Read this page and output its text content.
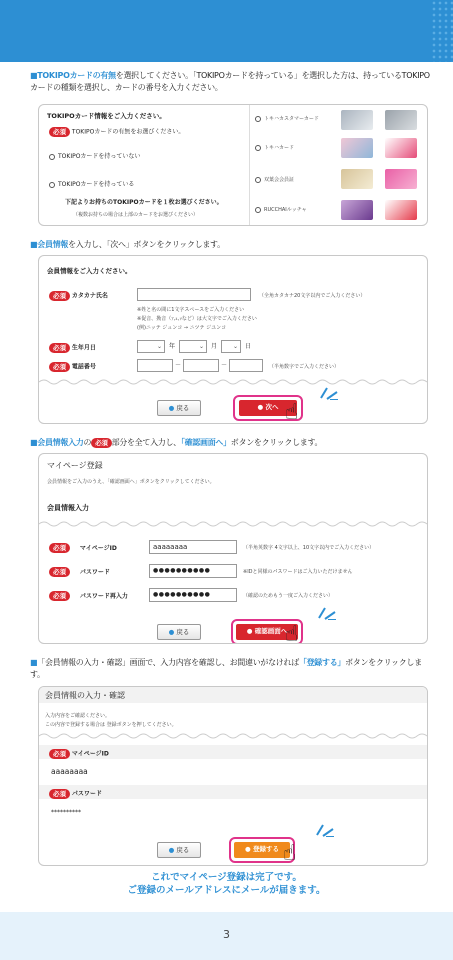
■TOKIPOカードの有無を選択してください。「TOKIPOカードを持っている」を選択した方は、持っているTOKIPOカードの種類を選択し、カードの番号を入力ください。
TOKIPOカード情報をご入力ください。
必須 TOKIPOカードの有無をお選びください。
TOKIPOカードを持っていない
TOKIPOカードを持っている
下記よりお持ちのTOKIPOカードを１枚お選びください。
（複数お持ちの場合は上部のカードをお選びください）
トキハカスタマーカード
トキハカード
双葉会会員証
RUCCHAIルッチャ
■会員情報を入力し、「次へ」ボタンをクリックします。
会員情報をご入力ください。
必須 カタカナ氏名	（全角カタカナ20文字以内でご入力ください）
※姓と名の間に1文字スペースをご入力ください
※促音、拗音（ｧ,ｭ,ｯなど）は大文字でご入力ください
(例)ニッテ ジュンコ → ニツテ ジユンコ
必須 生年月日	⌄	年	⌄	月	⌄	日
必須 電話番号	－	－	（半角数字でご入力ください）
● 戻る	● 次へ ☝
■会員情報入力の 必須 部分を全て入力し、「確認画面へ」ボタンをクリックします。
マイページ登録
会員情報をご入力のうえ、「確認画面へ」ボタンをクリックしてください。
会員情報入力
必須 マイページID	aaaaaaaa	（半角英数字 4文字以上、10文字以内でご入力ください）
必須 パスワード	●●●●●●●●●●	※IDと同様のパスワードはご入力いただけません
必須 パスワード再入力	●●●●●●●●●●	（確認のためもう一度ご入力ください）
● 戻る	● 確認画面へ
☝
■「会員情報の入力・確認」画面で、入力内容を確認し、お間違いがなければ「登録する」ボタンをクリックします。
会員情報の入力・確認
入力内容をご確認ください。
この内容で登録する場合は 登録ボタンを押してください。
必須 マイページID
aaaaaaaa
必須 パスワード
**********
● 戻る	● 登録する ☝
これでマイページ登録は完了です。
ご登録のメールアドレスにメールが届きます。
3
